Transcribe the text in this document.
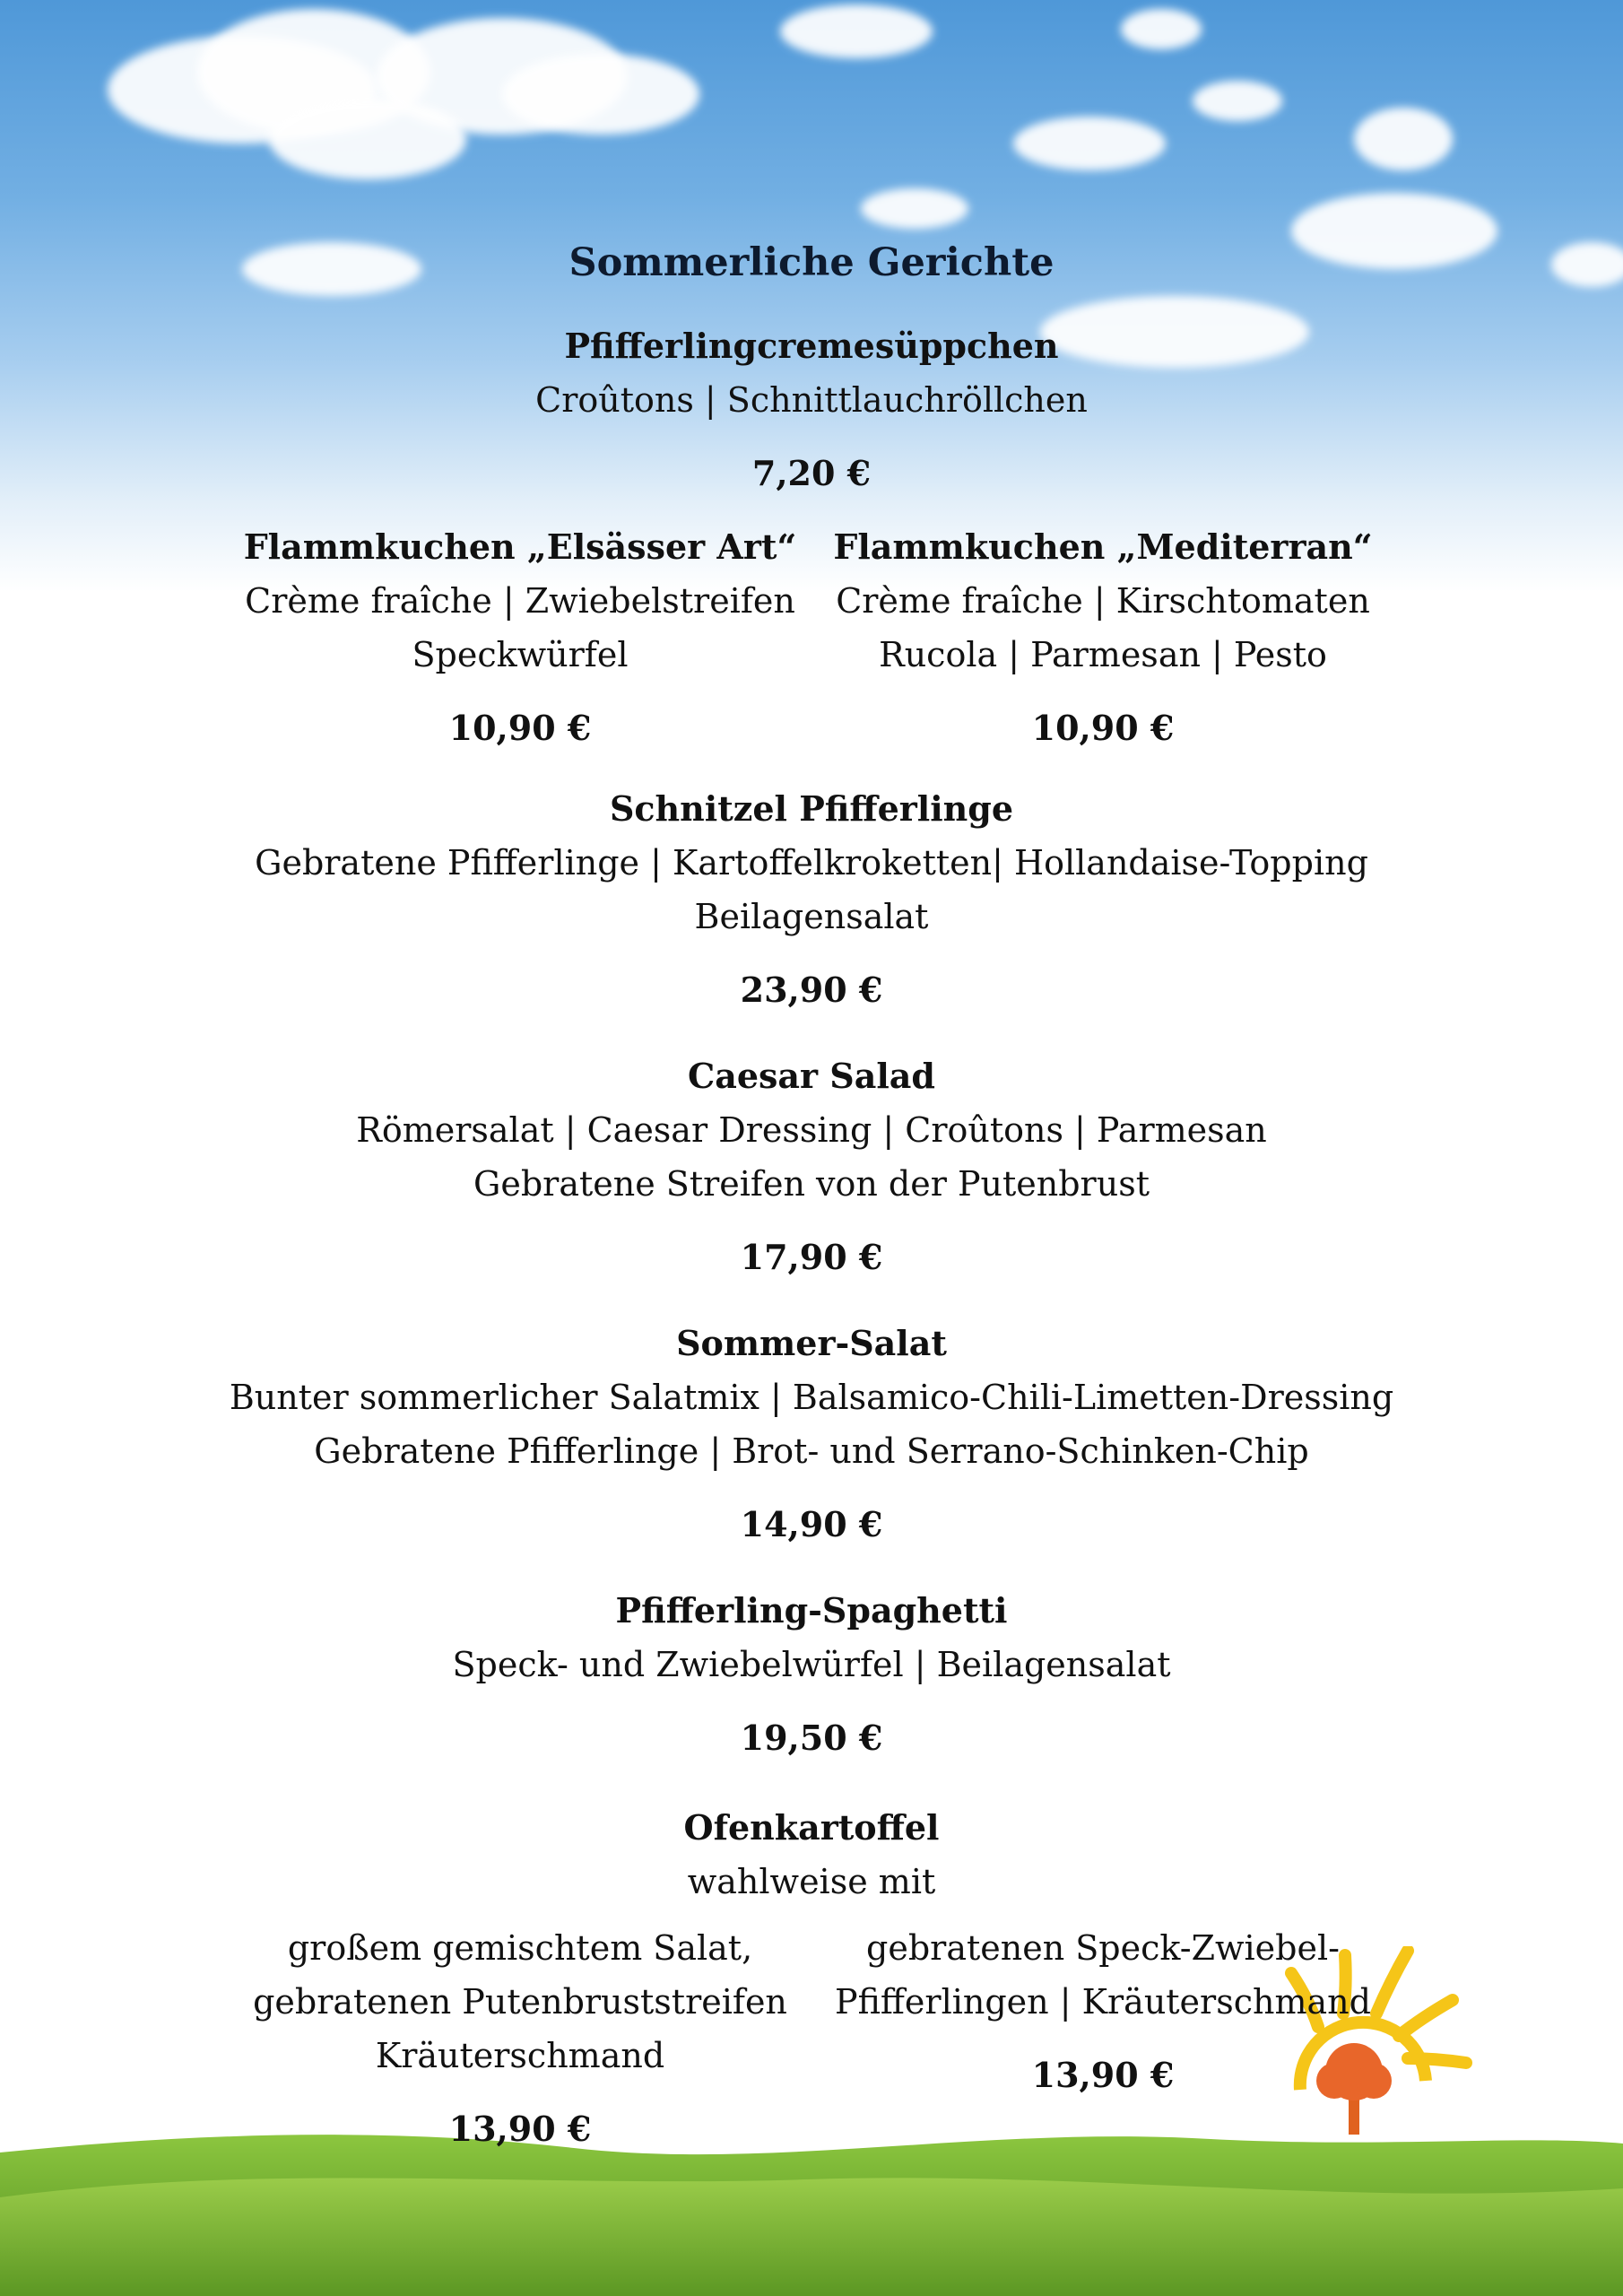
Sommerliche Gerichte
Pfifferlingcremesüppchen
Croûtons | Schnittlauchröllchen
7,20 €
Flammkuchen „Elsässer Art“
Crème fraîche | Zwiebelstreifen
Speckwürfel
10,90 €
Flammkuchen „Mediterran“
Crème fraîche | Kirschtomaten
Rucola | Parmesan | Pesto
10,90 €
Schnitzel Pfifferlinge
Gebratene Pfifferlinge | Kartoffelkroketten| Hollandaise-Topping
Beilagensalat
23,90 €
Caesar Salad
Römersalat | Caesar Dressing | Croûtons | Parmesan
Gebratene Streifen von der Putenbrust
17,90 €
Sommer-Salat
Bunter sommerlicher Salatmix | Balsamico-Chili-Limetten-Dressing
Gebratene Pfifferlinge | Brot- und Serrano-Schinken-Chip
14,90 €
Pfifferling-Spaghetti
Speck- und Zwiebelwürfel | Beilagensalat
19,50 €
Ofenkartoffel
wahlweise mit
großem gemischtem Salat,
gebratenen Putenbruststreifen
Kräuterschmand
13,90 €
gebratenen Speck-Zwiebel-
Pfifferlingen | Kräuterschmand
13,90 €
